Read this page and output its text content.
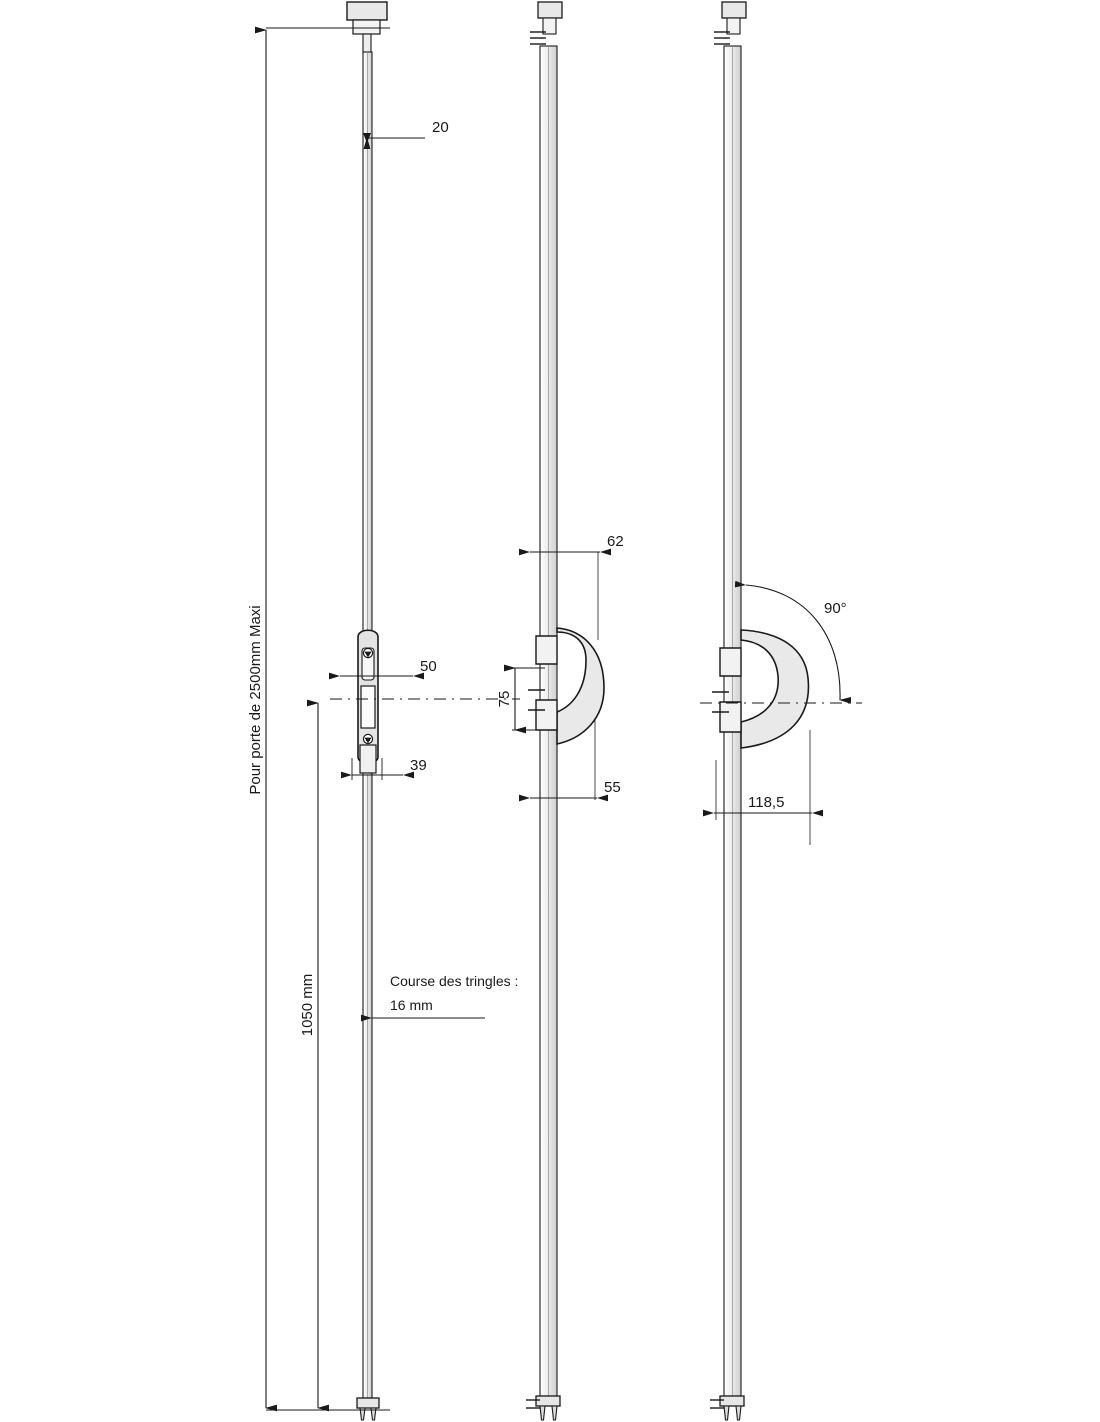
Pour porte de 2500mm Maxi
1050 mm
20
50
39
Course des tringles :
16 mm
62
75
55
90°
118,5
